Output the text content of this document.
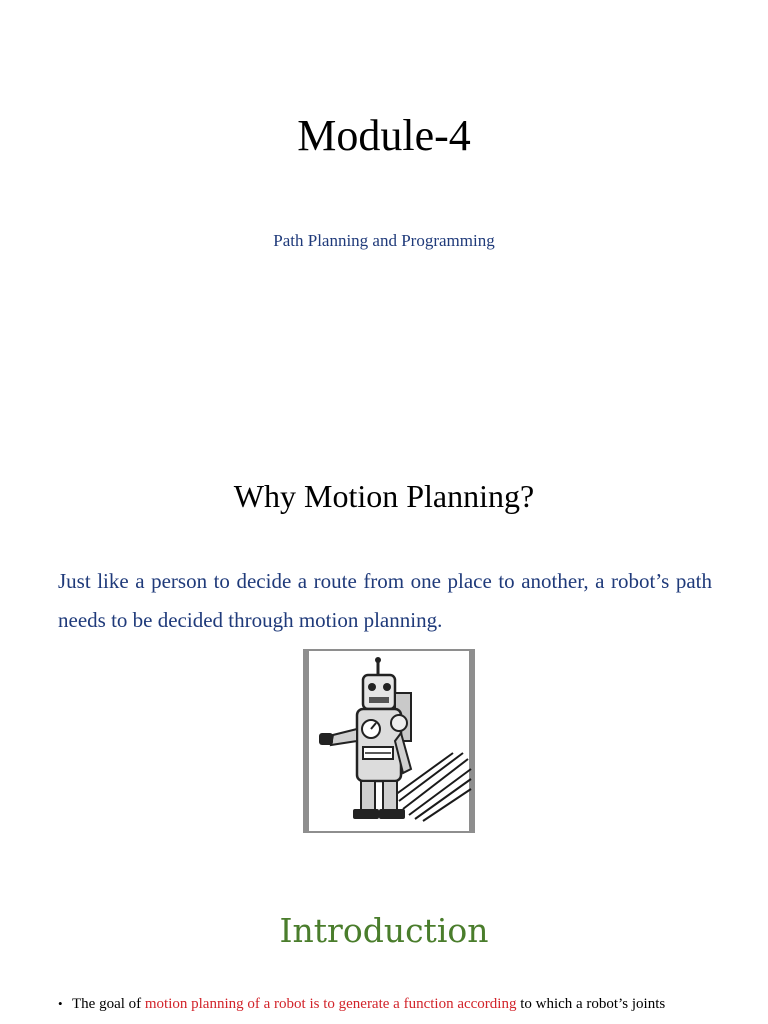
Module-4
Path Planning and Programming
Why Motion Planning?
Just like a person to decide a route from one place to another, a robot’s path needs to be decided through motion planning.
Introduction
• The goal of motion planning of a robot is to generate a function according to which a robot’s joints
